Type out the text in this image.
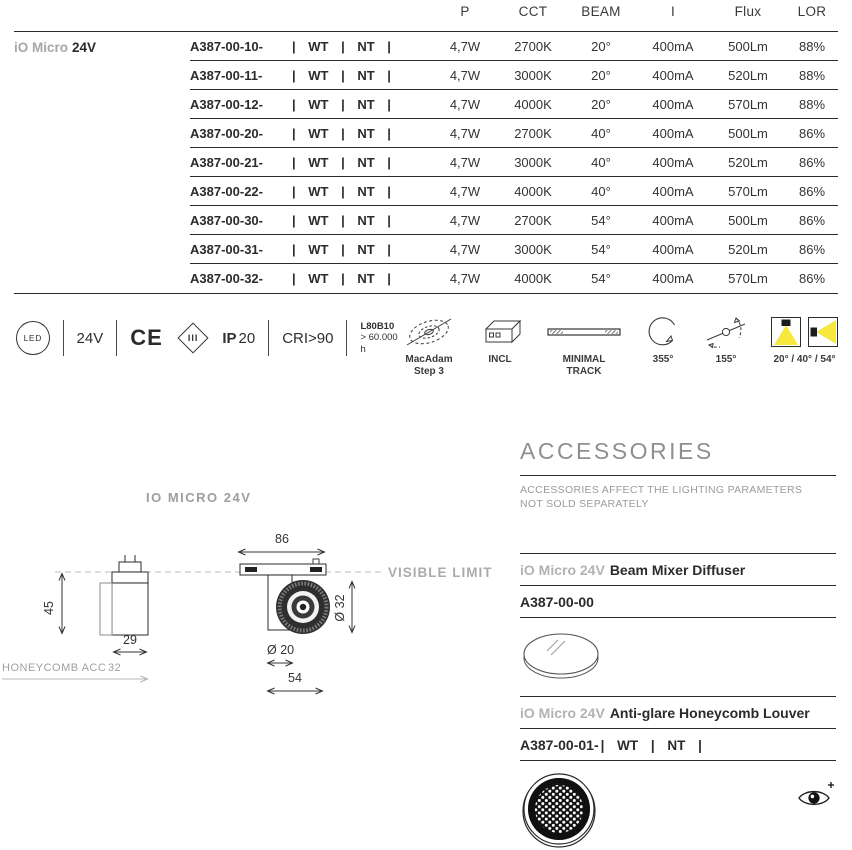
P	CCT	BEAM	I	Flux	LOR
iO Micro 24V	A387-00-10-	| WT | NT |	4,7W	2700K	20°	400mA	500Lm	88%
A387-00-11-	| WT | NT |	4,7W	3000K	20°	400mA	520Lm	88%
A387-00-12-	| WT | NT |	4,7W	4000K	20°	400mA	570Lm	88%
A387-00-20-	| WT | NT |	4,7W	2700K	40°	400mA	500Lm	86%
A387-00-21-	| WT | NT |	4,7W	3000K	40°	400mA	520Lm	86%
A387-00-22-	| WT | NT |	4,7W	4000K	40°	400mA	570Lm	86%
A387-00-30-	| WT | NT |	4,7W	2700K	54°	400mA	500Lm	86%
A387-00-31-	| WT | NT |	4,7W	3000K	54°	400mA	520Lm	86%
A387-00-32-	| WT | NT |	4,7W	4000K	54°	400mA	570Lm	86%
LED 24V CE	III IP 20 CRI>90
L80B10
> 60.000 h
MacAdam
Step 3
INCL	MINIMAL
TRACK
355°	155°	20° / 40° / 54°
IO MICRO 24V
VISIBLE LIMIT
45
29
HONEYCOMB ACC 32
86
Ø 32
Ø 20
54
ACCESSORIES
ACCESSORIES AFFECT THE LIGHTING PARAMETERS
NOT SOLD SEPARATELY
iO Micro 24V Beam Mixer Diffuser
A387-00-00
iO Micro 24V Anti-glare Honeycomb Louver
A387-00-01- | WT | NT |
